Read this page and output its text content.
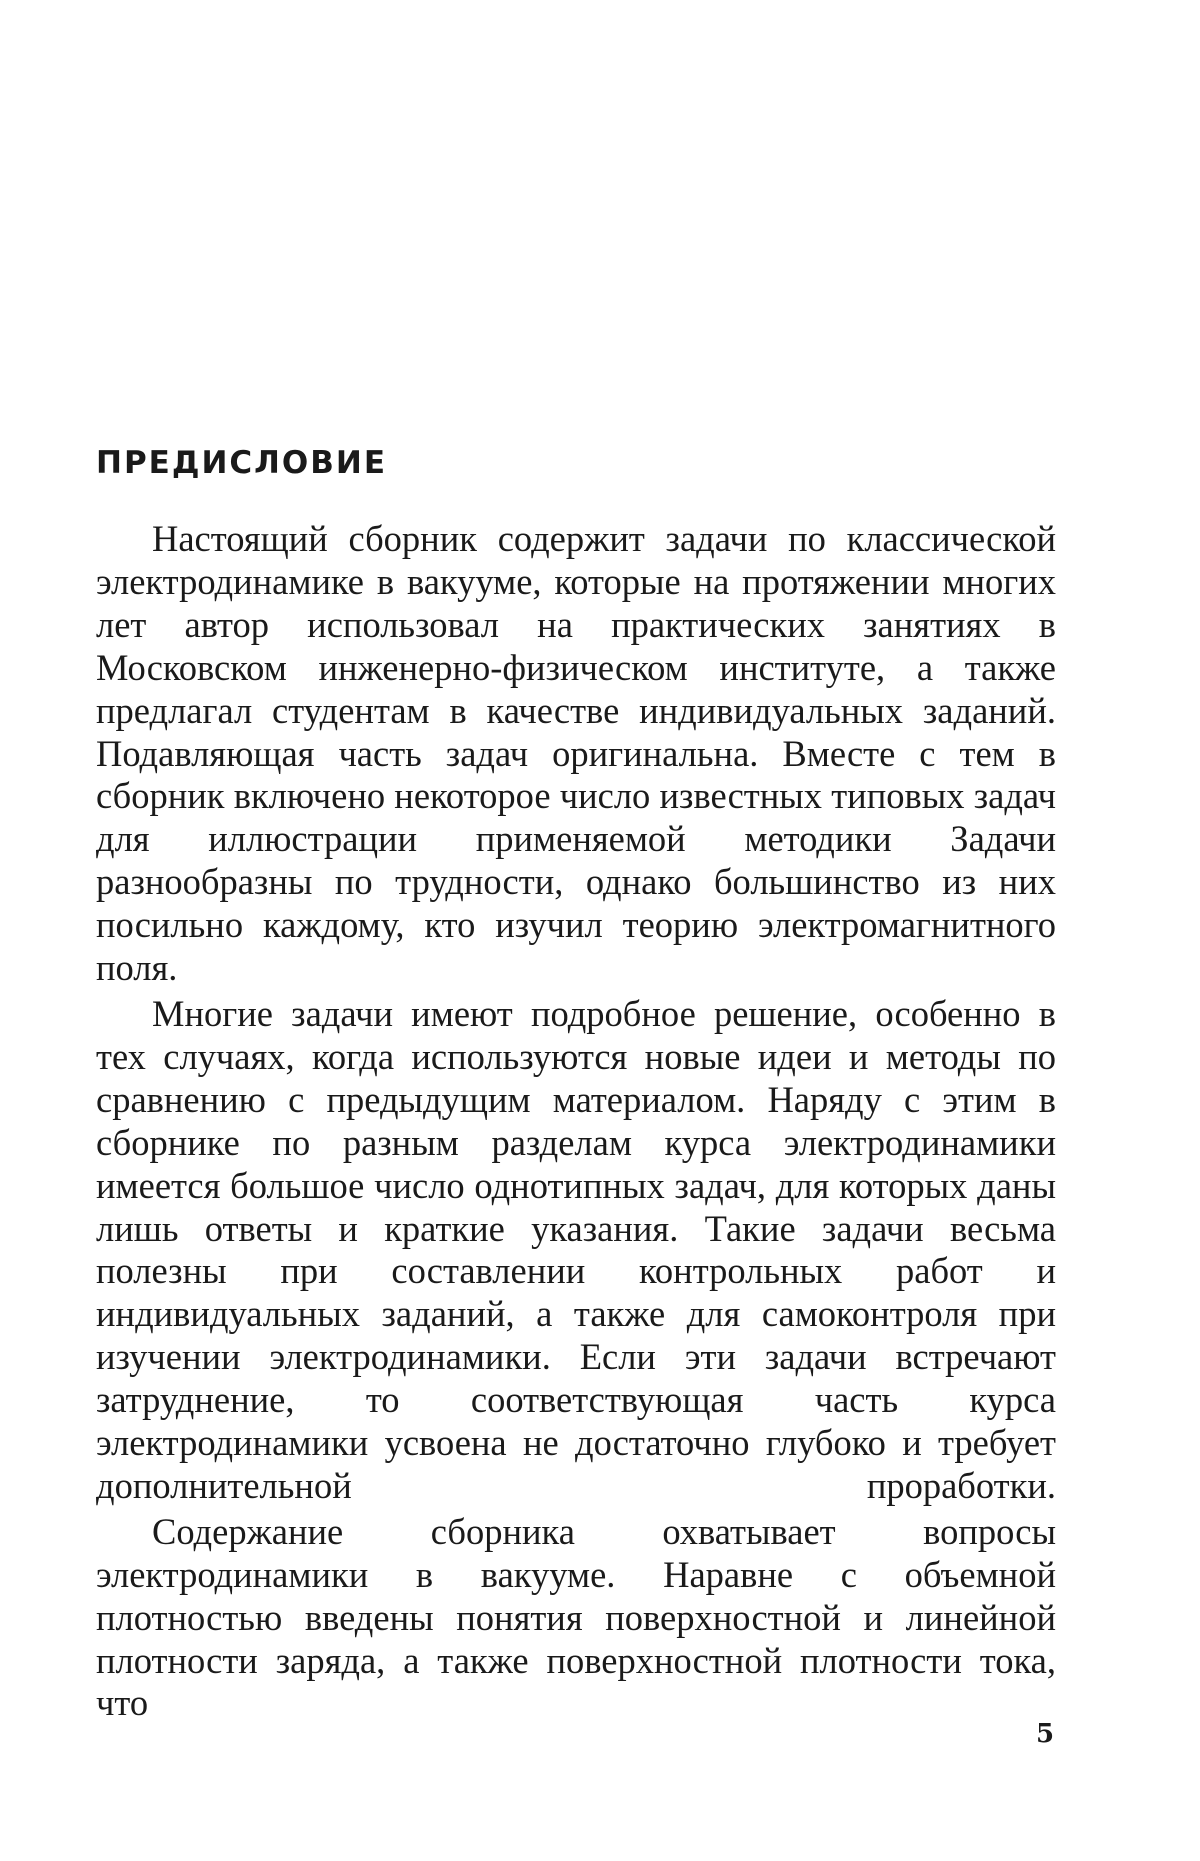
ПРЕДИСЛОВИЕ

Настоящий сборник содержит задачи по классической электродинамике в вакууме, которые на протяжении многих лет автор использовал на практических занятиях в Московском инженерно-физическом институте, а также предлагал студентам в качестве индивидуальных заданий. Подавляющая часть задач оригинальна. Вместе с тем в сборник включено некоторое число известных типовых задач для иллюстрации применяемой методики Задачи разнообразны по трудности, однако большинство из них посильно каждому, кто изучил теорию электромагнитного поля.

Многие задачи имеют подробное решение, особенно в тех случаях, когда используются новые идеи и методы по сравнению с предыдущим материалом. Наряду с этим в сборнике по разным разделам курса электродинамики имеется большое число однотипных задач, для которых даны лишь ответы и краткие указания. Такие задачи весьма полезны при составлении контрольных работ и индивидуальных заданий, а также для самоконтроля при изучении электродинамики. Если эти задачи встречают затруднение, то соответствующая часть курса электродинамики усвоена не достаточно глубоко и требует дополнительной проработки.

Содержание сборника охватывает вопросы электродинамики в вакууме. Наравне с объемной плотностью введены понятия поверхностной и линейной плотности заряда, а также поверхностной плотности тока, что

5
